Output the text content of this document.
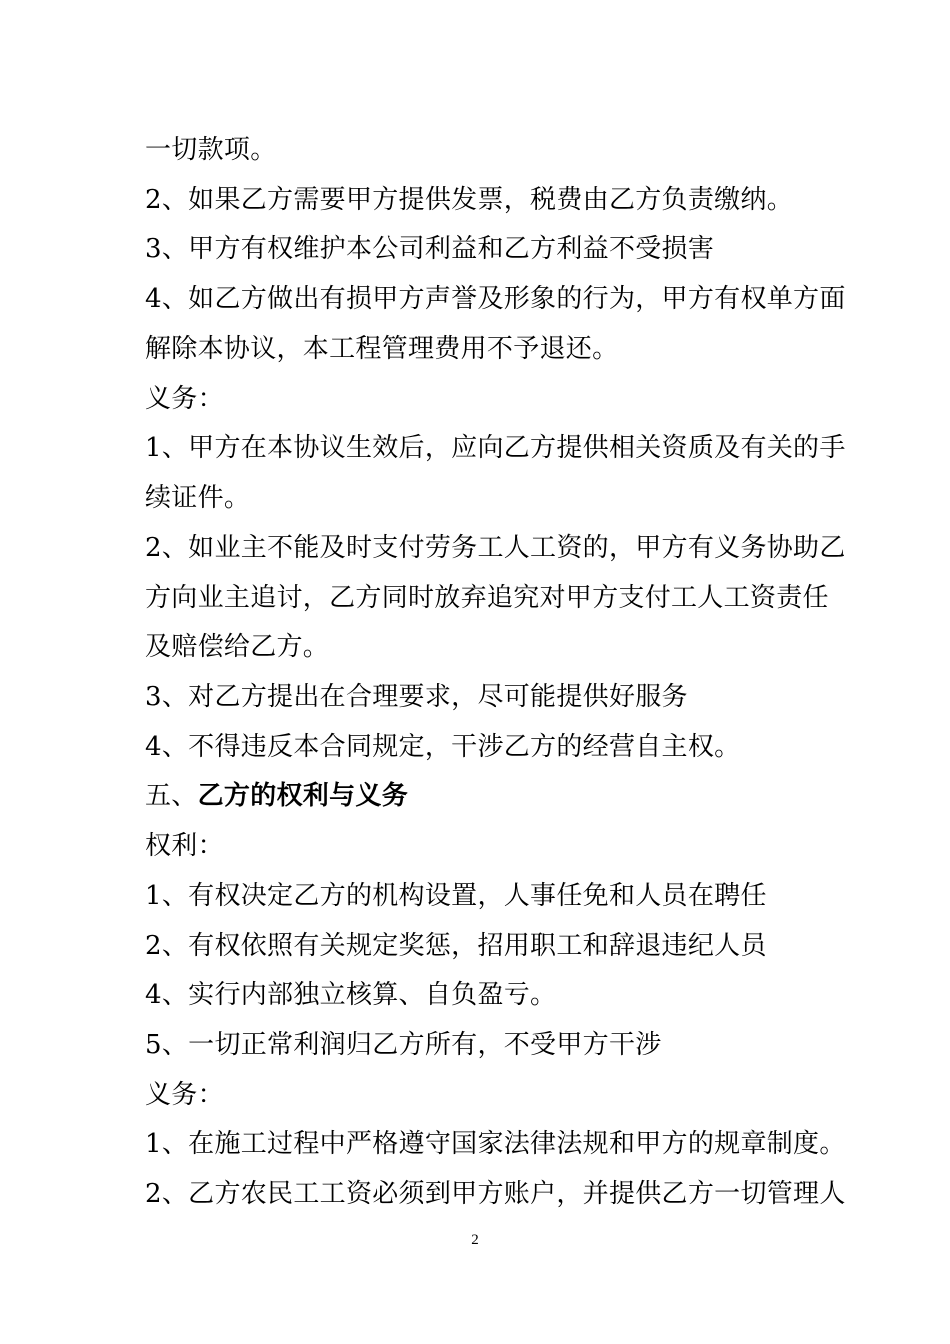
一切款项。
2、如果乙方需要甲方提供发票，税费由乙方负责缴纳。
3、甲方有权维护本公司利益和乙方利益不受损害
4、如乙方做出有损甲方声誉及形象的行为，甲方有权单方面
解除本协议，本工程管理费用不予退还。
义务：
1、甲方在本协议生效后，应向乙方提供相关资质及有关的手
续证件。
2、如业主不能及时支付劳务工人工资的，甲方有义务协助乙
方向业主追讨，乙方同时放弃追究对甲方支付工人工资责任
及赔偿给乙方。
3、对乙方提出在合理要求，尽可能提供好服务
4、不得违反本合同规定，干涉乙方的经营自主权。
五、乙方的权利与义务
权利：
1、有权决定乙方的机构设置，人事任免和人员在聘任
2、有权依照有关规定奖惩，招用职工和辞退违纪人员
4、实行内部独立核算、自负盈亏。
5、一切正常利润归乙方所有，不受甲方干涉
义务：
1、在施工过程中严格遵守国家法律法规和甲方的规章制度。
2、乙方农民工工资必须到甲方账户，并提供乙方一切管理人
2
